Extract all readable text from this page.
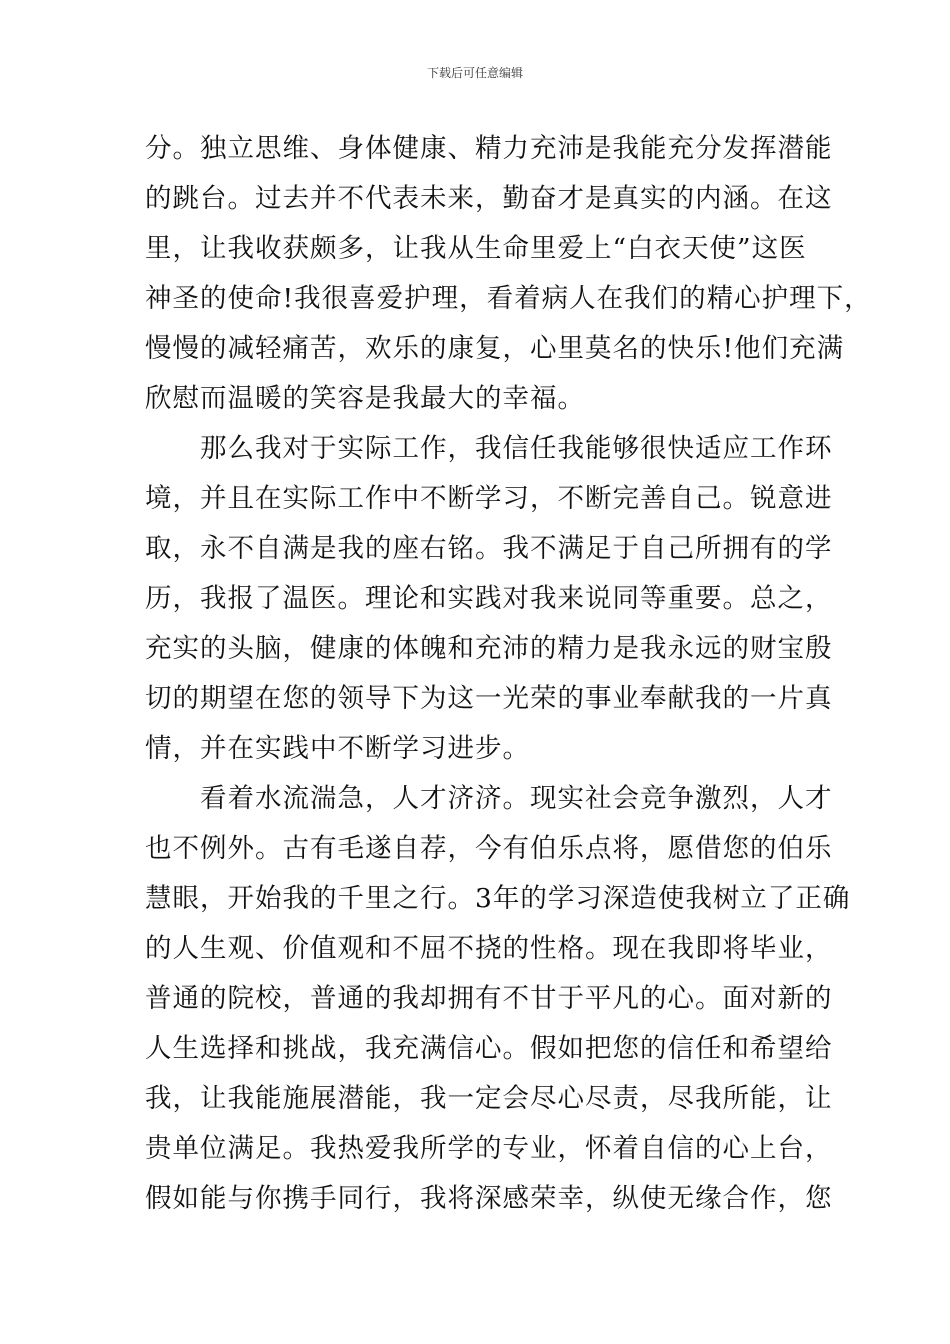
下载后可任意编辑
分。独立思维、身体健康、精力充沛是我能充分发挥潜能
的跳台。过去并不代表未来，勤奋才是真实的内涵。在这
里，让我收获颇多，让我从生命里爱上“白衣天使”这医
神圣的使命!我很喜爱护理，看着病人在我们的精心护理下，
慢慢的减轻痛苦，欢乐的康复，心里莫名的快乐!他们充满
欣慰而温暖的笑容是我最大的幸福。
　　那么我对于实际工作，我信任我能够很快适应工作环
境，并且在实际工作中不断学习，不断完善自己。锐意进
取，永不自满是我的座右铭。我不满足于自己所拥有的学
历，我报了温医。理论和实践对我来说同等重要。总之，
充实的头脑，健康的体魄和充沛的精力是我永远的财宝殷
切的期望在您的领导下为这一光荣的事业奉献我的一片真
情，并在实践中不断学习进步。
　　看着水流湍急，人才济济。现实社会竞争激烈，人才
也不例外。古有毛遂自荐，今有伯乐点将，愿借您的伯乐
慧眼，开始我的千里之行。3年的学习深造使我树立了正确
的人生观、价值观和不屈不挠的性格。现在我即将毕业，
普通的院校，普通的我却拥有不甘于平凡的心。面对新的
人生选择和挑战，我充满信心。假如把您的信任和希望给
我，让我能施展潜能，我一定会尽心尽责，尽我所能，让
贵单位满足。我热爱我所学的专业，怀着自信的心上台，
假如能与你携手同行，我将深感荣幸，纵使无缘合作，您
